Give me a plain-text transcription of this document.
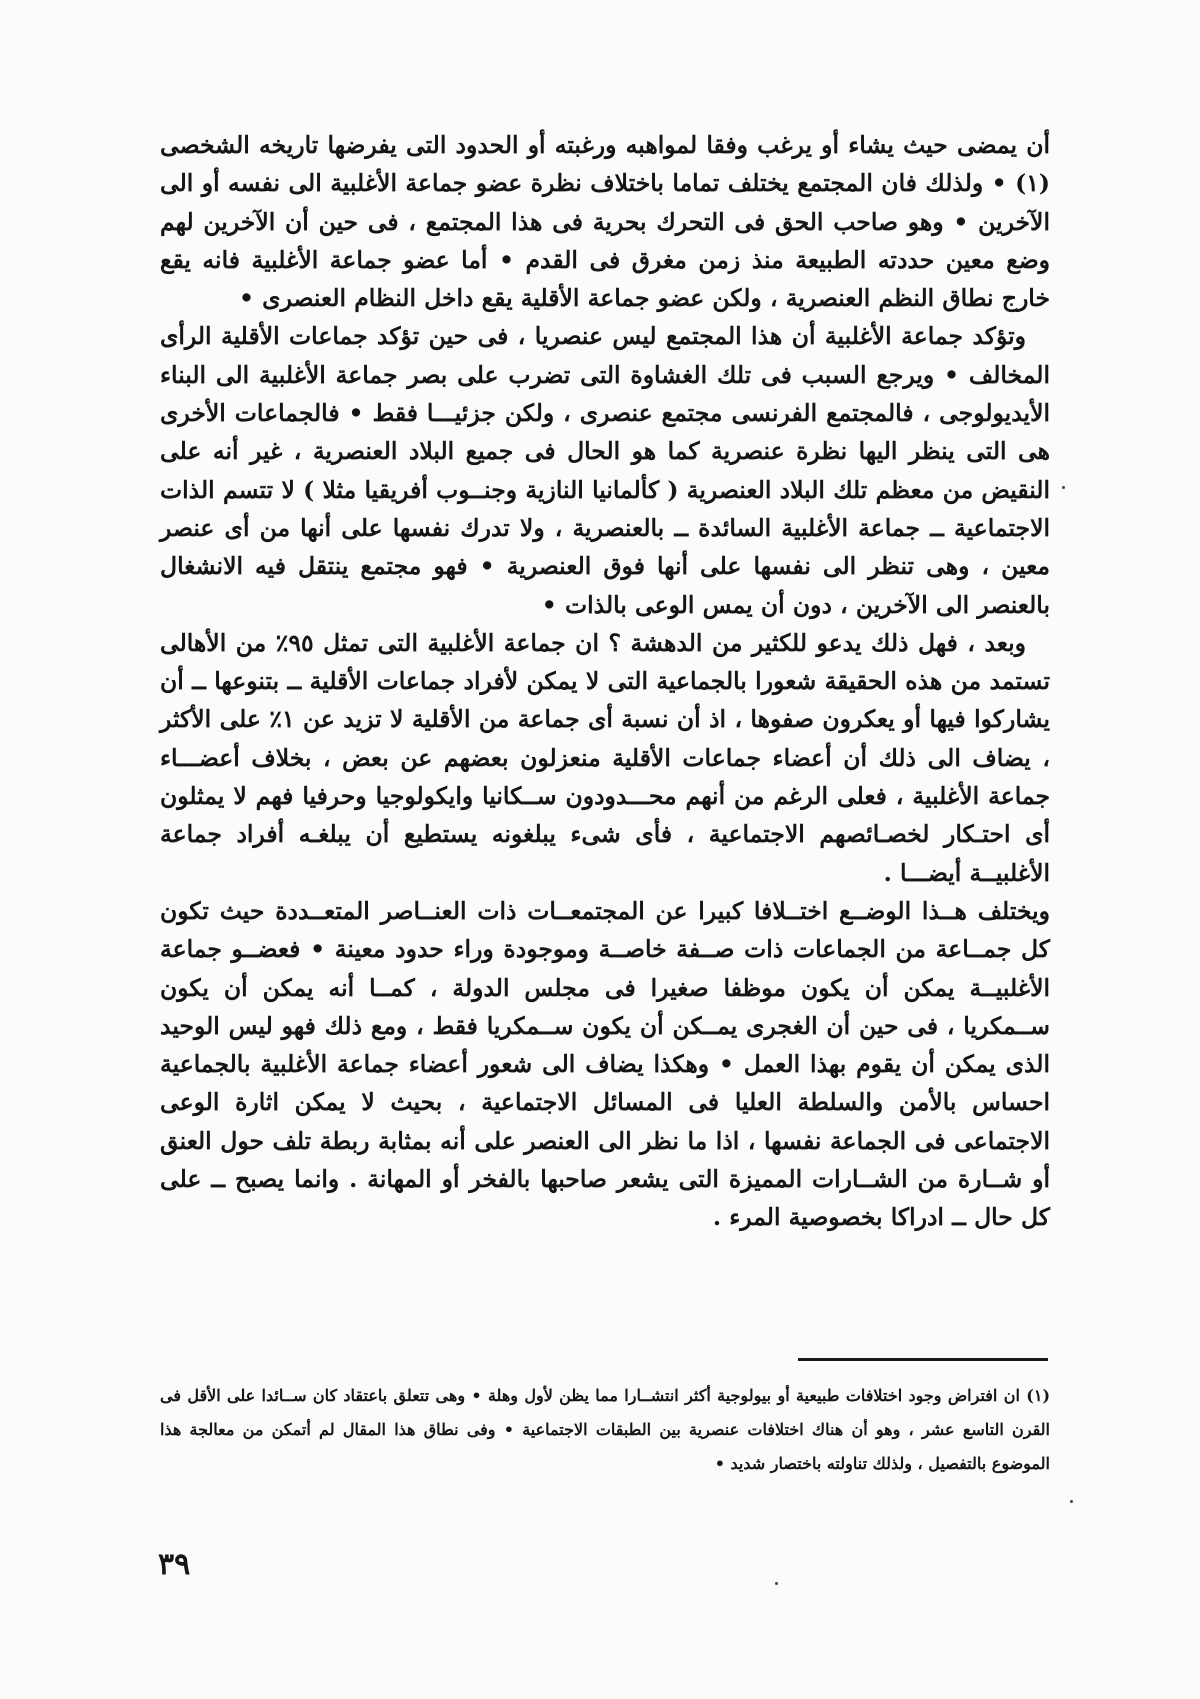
أن يمضى حيث يشاء أو يرغب وفقا لمواهبه ورغبته أو الحدود التى يفرضها تاريخه الشخصى (١) • ولذلك فان المجتمع يختلف تماما باختلاف نظرة عضو جماعة الأغلبية الى نفسه أو الى الآخرين • وهو صاحب الحق فى التحرك بحرية فى هذا المجتمع ، فى حين أن الآخرين لهم وضع معين حددته الطبيعة منذ زمن مغرق فى القدم • أما عضو جماعة الأغلبية فانه يقع خارج نطاق النظم العنصرية ، ولكن عضو جماعة الأقلية يقع داخل النظام العنصرى •

وتؤكد جماعة الأغلبية أن هذا المجتمع ليس عنصريا ، فى حين تؤكد جماعات الأقلية الرأى المخالف • ويرجع السبب فى تلك الغشاوة التى تضرب على بصر جماعة الأغلبية الى البناء الأيديولوجى ، فالمجتمع الفرنسى مجتمع عنصرى ، ولكن جزئيـــا فقط • فالجماعات الأخرى هى التى ينظر اليها نظرة عنصرية كما هو الحال فى جميع البلاد العنصرية ، غير أنه على النقيض من معظم تلك البلاد العنصرية ( كألمانيا النازية وجنــوب أفريقيا مثلا ) لا تتسم الذات الاجتماعية ــ جماعة الأغلبية السائدة ــ بالعنصرية ، ولا تدرك نفسها على أنها من أى عنصر معين ، وهى تنظر الى نفسها على أنها فوق العنصرية • فهو مجتمع ينتقل فيه الانشغال بالعنصر الى الآخرين ، دون أن يمس الوعى بالذات •

وبعد ، فهل ذلك يدعو للكثير من الدهشة ؟ ان جماعة الأغلبية التى تمثل ٩٥٪ من الأهالى تستمد من هذه الحقيقة شعورا بالجماعية التى لا يمكن لأفراد جماعات الأقلية ــ بتنوعها ــ أن يشاركوا فيها أو يعكرون صفوها ، اذ أن نسبة أى جماعة من الأقلية لا تزيد عن ١٪ على الأكثر ، يضاف الى ذلك أن أعضاء جماعات الأقلية منعزلون بعضهم عن بعض ، بخلاف أعضـــاء جماعة الأغلبية ، فعلى الرغم من أنهم محـــدودون ســكانيا وايكولوجيا وحرفيا فهم لا يمثلون أى احتـكار لخصـائصهم الاجتماعية ، فأى شىء يبلغونه يستطيع أن يبلغـه أفراد جماعة الأغلبيــة أيضـــا .

ويختلف هــذا الوضــع اختــلافا كبيرا عن المجتمعــات ذات العنــاصر المتعــددة حيث تكون كل جمــاعة من الجماعات ذات صــفة خاصــة وموجودة وراء حدود معينة • فعضــو جماعة الأغلبيــة يمكن أن يكون موظفا صغيرا فى مجلس الدولة ، كمــا أنه يمكن أن يكون ســمكريا ، فى حين أن الغجرى يمــكن أن يكون ســمكريا فقط ، ومع ذلك فهو ليس الوحيد الذى يمكن أن يقوم بهذا العمل • وهكذا يضاف الى شعور أعضاء جماعة الأغلبية بالجماعية احساس بالأمن والسلطة العليا فى المسائل الاجتماعية ، بحيث لا يمكن اثارة الوعى الاجتماعى فى الجماعة نفسها ، اذا ما نظر الى العنصر على أنه بمثابة ربطة تلف حول العنق أو شــارة من الشــارات المميزة التى يشعر صاحبها بالفخر أو المهانة . وانما يصبح ــ على كل حال ــ ادراكا بخصوصية المرء .

(١) ان افتراض وجود اختلافات طبيعية أو بيولوجية أكثر انتشــارا مما يظن لأول وهلة • وهى تتعلق باعتقاد كان ســائدا على الأقل فى القرن التاسع عشر ، وهو أن هناك اختلافات عنصرية بين الطبقات الاجتماعية • وفى نطاق هذا المقال لم أتمكن من معالجة هذا الموضوع بالتفصيل ، ولذلك تناولته باختصار شديد •

٣٩
